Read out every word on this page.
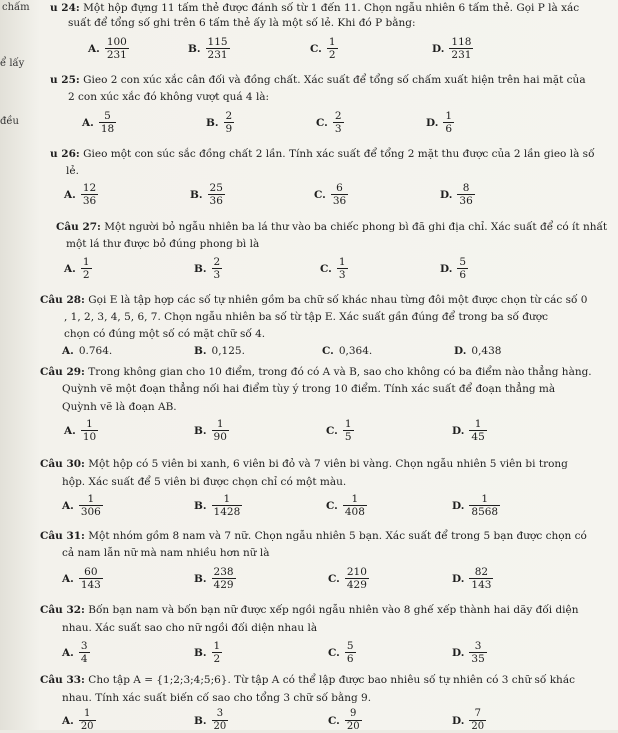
chấm
ể lấy
đều
u 24: Một hộp đựng 11 tấm thẻ được đánh số từ 1 đến 11. Chọn ngẫu nhiên 6 tấm thẻ. Gọi P là xác
suất để tổng số ghi trên 6 tấm thẻ ấy là một số lẻ. Khi đó P bằng:
A. $\frac{100}{231}$	B. $\frac{115}{231}$	C. $\frac{1}{2}$	D. $\frac{118}{231}$
u 25: Gieo 2 con xúc xắc cân đối và đồng chất. Xác suất để tổng số chấm xuất hiện trên hai mặt của
2 con xúc xắc đó không vượt quá 4 là:
A. $\frac{5}{18}$	B. $\frac{2}{9}$	C. $\frac{2}{3}$	D. $\frac{1}{6}$
u 26: Gieo một con súc sắc đồng chất 2 lần. Tính xác suất để tổng 2 mặt thu được của 2 lần gieo là số
lẻ.
A. $\frac{12}{36}$	B. $\frac{25}{36}$	C. $\frac{6}{36}$	D. $\frac{8}{36}$
Câu 27: Một người bỏ ngẫu nhiên ba lá thư vào ba chiếc phong bì đã ghi địa chỉ. Xác suất để có ít nhất
một lá thư được bỏ đúng phong bì là
A. $\frac{1}{2}$	B. $\frac{2}{3}$	C. $\frac{1}{3}$	D. $\frac{5}{6}$
Câu 28: Gọi E là tập hợp các số tự nhiên gồm ba chữ số khác nhau từng đôi một được chọn từ các số 0
, 1, 2, 3, 4, 5, 6, 7. Chọn ngẫu nhiên ba số từ tập E. Xác suất gần đúng để trong ba số được
chọn có đúng một số có mặt chữ số 4.
A. 0.764.	B. 0,125.	C. 0,364.	D. 0,438
Câu 29: Trong không gian cho 10 điểm, trong đó có A và B, sao cho không có ba điểm nào thẳng hàng.
Quỳnh vẽ một đoạn thẳng nối hai điểm tùy ý trong 10 điểm. Tính xác suất để đoạn thẳng mà
Quỳnh vẽ là đoạn AB.
A. $\frac{1}{10}$	B. $\frac{1}{90}$	C. $\frac{1}{5}$	D. $\frac{1}{45}$
Câu 30: Một hộp có 5 viên bi xanh, 6 viên bi đỏ và 7 viên bi vàng. Chọn ngẫu nhiên 5 viên bi trong
hộp. Xác suất để 5 viên bi được chọn chỉ có một màu.
A. $\frac{1}{306}$	B. $\frac{1}{1428}$	C. $\frac{1}{408}$	D. $\frac{1}{8568}$
Câu 31: Một nhóm gồm 8 nam và 7 nữ. Chọn ngẫu nhiên 5 bạn. Xác suất để trong 5 bạn được chọn có
cả nam lẫn nữ mà nam nhiều hơn nữ là
A. $\frac{60}{143}$	B. $\frac{238}{429}$	C. $\frac{210}{429}$	D. $\frac{82}{143}$
Câu 32: Bốn bạn nam và bốn bạn nữ được xếp ngồi ngẫu nhiên vào 8 ghế xếp thành hai dãy đối diện
nhau. Xác suất sao cho nữ ngồi đối diện nhau là
A. $\frac{3}{4}$	B. $\frac{1}{2}$	C. $\frac{5}{6}$	D. $\frac{3}{35}$
Câu 33: Cho tập A = {1;2;3;4;5;6}. Từ tập A có thể lập được bao nhiêu số tự nhiên có 3 chữ số khác
nhau. Tính xác suất biến cố sao cho tổng 3 chữ số bằng 9.
A. $\frac{1}{20}$	B. $\frac{3}{20}$	C. $\frac{9}{20}$	D. $\frac{7}{20}$
